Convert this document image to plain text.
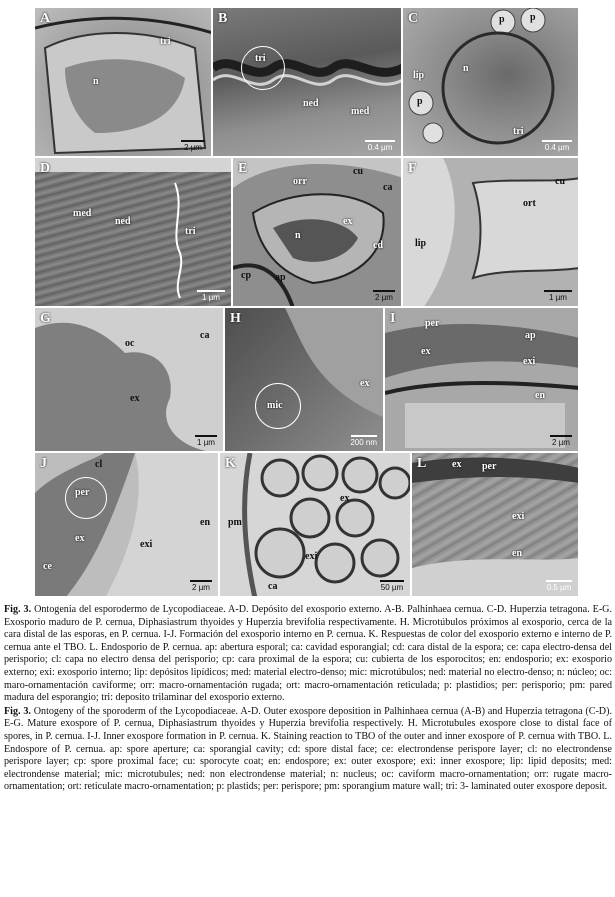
A
tri
n
2 µm
B
tri
ned
med
0.4 µm
C	p	p
lip
n
p
tri
0.4 µm
D
med
ned
tri
1 µm
E
orr
cu
ca
ex
n
cd
cp ap
2 µm
F
cu
ort
lip
1 µm
G
oc
ca
ex
1 µm
H
ex
mic
200 nm
I	per
ap
ex
exi
en
2 µm
J	cl
per
en
ex
exi
ce
2 µm
K
ex
pm
exi
ca	50 µm
L	ex per
exi
en
0.5 µm

Fig. 3. Ontogenia del esporodermo de Lycopodiaceae. A-D. Depósito del exosporio externo. A-B. Palhinhaea cernua. C-D. Huperzia tetragona. E-G. Exosporio maduro de P. cernua, Diphasiastrum thyoides y Huperzia brevifolia respectivamente. H. Microtúbulos próximos al exosporio, cerca de la cara distal de las esporas, en P. cernua. I-J. Formación del exosporio interno en P. cernua. K. Respuestas de color del exosporio externo e interno de P. cernua ante el TBO. L. Endosporio de P. cernua. ap: abertura esporal; ca: cavidad esporangial; cd: cara distal de la espora; ce: capa electro-densa del perisporio; cl: capa no electro densa del perisporio; cp: cara proximal de la espora; cu: cubierta de los esporocitos; en: endosporio; ex: exosporio externo; exi: exosporio interno; lip: depósitos lipídicos; med: material electro-denso; mic: microtúbulos; ned: material no electro-denso; n: núcleo; oc: maro-ornamentación caviforme; orr: macro-ornamentación rugada; ort: macro-ornamentación reticulada; p: plastidios; per: perisporio; pm: pared madura del esporangio; tri: deposito trilaminar del exosporio externo.

Fig. 3. Ontogeny of the sporoderm of the Lycopodiaceae. A-D. Outer exospore deposition in Palhinhaea cernua (A-B) and Huperzia tetragona (C-D). E-G. Mature exospore of P. cernua, Diphasiastrum thyoides y Huperzia brevifolia respectively. H. Microtubules exospore close to distal face of spores, in P. cernua. I-J. Inner exospore formation in P. cernua. K. Staining reaction to TBO of the outer and inner exospore of P. cernua with TBO. L. Endospore of P. cernua. ap: spore aperture; ca: sporangial cavity; cd: spore distal face; ce: electrondense perispore layer; cl: no electrondense perispore layer; cp: spore proximal face; cu: sporocyte coat; en: endospore; ex: outer exospore; exi: inner exospore; lip: lipid deposits; med: electrondense material; mic: microtubules; ned: non electrondense material; n: nucleus; oc: caviform macro-ornamentation; orr: rugate macro-ornamentation; ort: reticulate macro-ornamentation; p: plastids; per: perispore; pm: sporangium mature wall; tri: 3- laminated outer exospore deposit.
